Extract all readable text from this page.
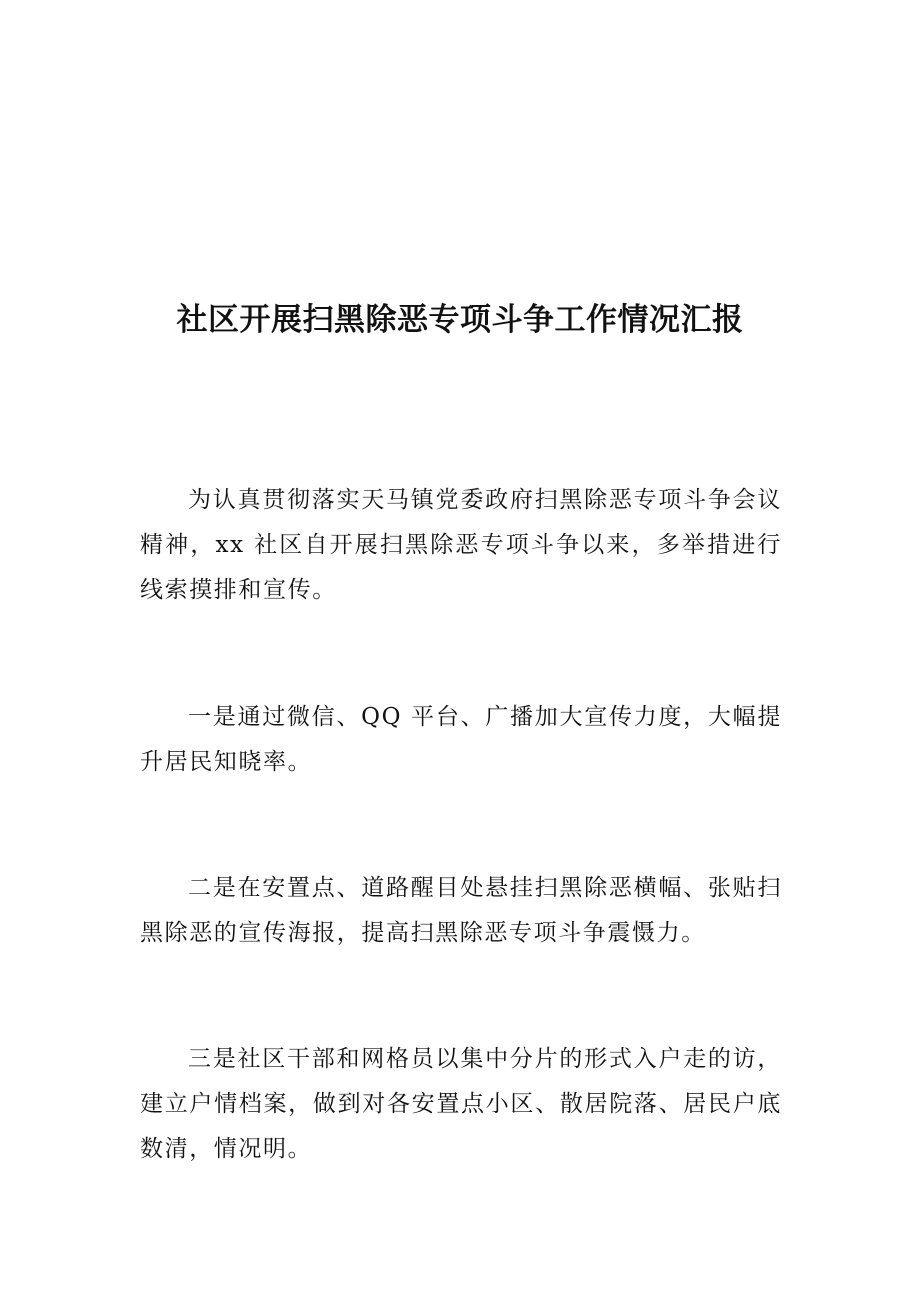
社区开展扫黑除恶专项斗争工作情况汇报

为认真贯彻落实天马镇党委政府扫黑除恶专项斗争会议精神，xx 社区自开展扫黑除恶专项斗争以来，多举措进行线索摸排和宣传。

一是通过微信、QQ 平台、广播加大宣传力度，大幅提升居民知晓率。

二是在安置点、道路醒目处悬挂扫黑除恶横幅、张贴扫黑除恶的宣传海报，提高扫黑除恶专项斗争震慑力。

三是社区干部和网格员以集中分片的形式入户走的访，建立户情档案，做到对各安置点小区、散居院落、居民户底数清，情况明。
